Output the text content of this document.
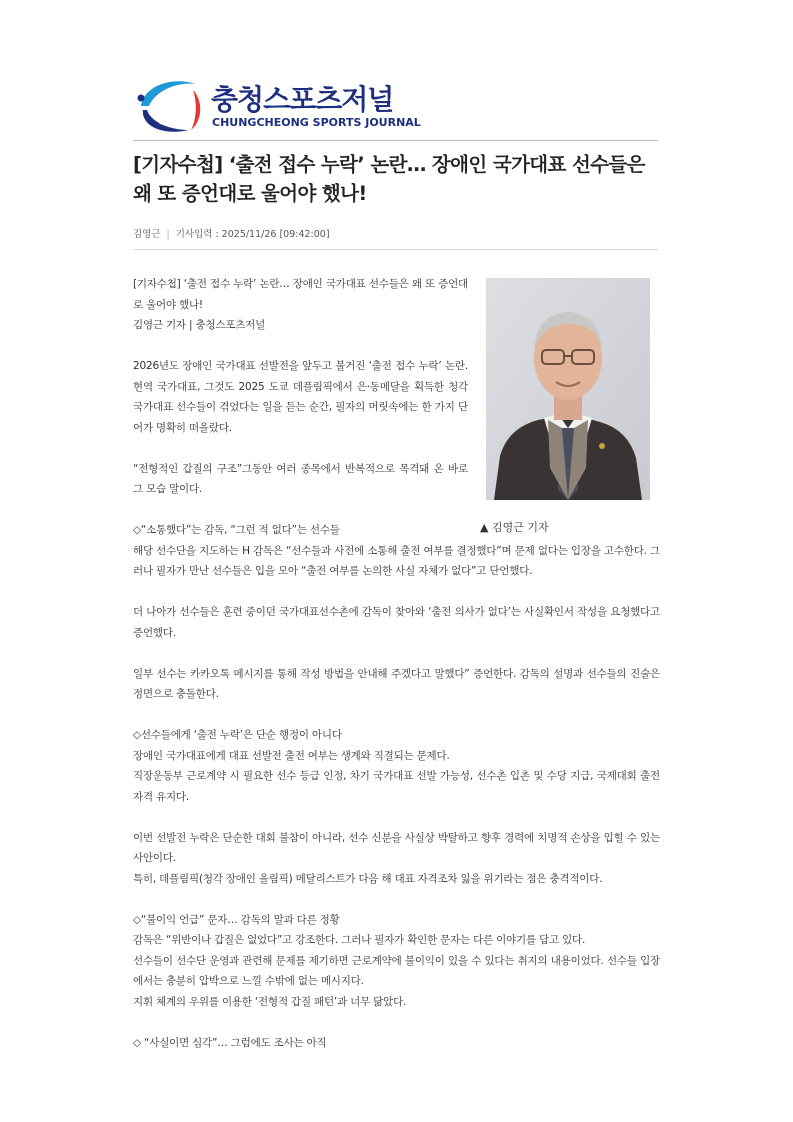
충청스포츠저널
CHUNGCHEONG SPORTS JOURNAL
[기자수첩] ‘출전 접수 누락’ 논란… 장애인 국가대표 선수들은 왜 또 증언대로 울어야 했나!
김영근 | 기사입력 : 2025/11/26 [09:42:00]
▲ 김영근 기자

[기자수첩] ‘출전 접수 누락’ 논란… 장애인 국가대표 선수들은 왜 또 증언대로 울어야 했나!

김영근 기자 | 충청스포츠저널

2026년도 장애인 국가대표 선발전을 앞두고 불거진 ‘출전 접수 누락’ 논란. 현역 국가대표, 그것도 2025 도쿄 데플림픽에서 은·동메달을 획득한 청각 국가대표 선수들이 겪었다는 일을 듣는 순간, 필자의 머릿속에는 한 가지 단어가 명확히 떠올랐다.

“전형적인 갑질의 구조”그동안 여러 종목에서 반복적으로 목격돼 온 바로 그 모습 말이다.

◇“소통했다”는 감독, “그런 적 없다”는 선수들

해당 선수단을 지도하는 H 감독은 “선수들과 사전에 소통해 출전 여부를 결정했다”며 문제 없다는 입장을 고수한다. 그러나 필자가 만난 선수들은 입을 모아 “출전 여부를 논의한 사실 자체가 없다”고 단언했다.

더 나아가 선수들은 훈련 중이던 국가대표선수촌에 감독이 찾아와 ‘출전 의사가 없다’는 사실확인서 작성을 요청했다고 증언했다.

일부 선수는 카카오톡 메시지를 통해 작성 방법을 안내해 주겠다고 말했다” 증언한다. 감독의 설명과 선수들의 진술은 정면으로 충돌한다.

◇선수들에게 ‘출전 누락’은 단순 행정이 아니다

장애인 국가대표에게 대표 선발전 출전 여부는 생계와 직결되는 문제다.

직장운동부 근로계약 시 필요한 선수 등급 인정, 차기 국가대표 선발 가능성, 선수촌 입촌 및 수당 지급, 국제대회 출전 자격 유지다.

이번 선발전 누락은 단순한 대회 불참이 아니라, 선수 신분을 사실상 박탈하고 향후 경력에 치명적 손상을 입힐 수 있는 사안이다.

특히, 데플림픽(청각 장애인 올림픽) 메달리스트가 다음 해 대표 자격조차 잃을 위기라는 점은 충격적이다.

◇“불이익 언급” 문자… 감독의 말과 다른 정황

감독은 “위반이나 갑질은 없었다”고 강조한다. 그러나 필자가 확인한 문자는 다른 이야기를 담고 있다.

선수들이 선수단 운영과 관련해 문제를 제기하면 근로계약에 불이익이 있을 수 있다는 취지의 내용이었다. 선수들 입장에서는 충분히 압박으로 느낄 수밖에 없는 메시지다.

지휘 체계의 우위를 이용한 ‘전형적 갑질 패턴’과 너무 닮았다.

◇ “사실이면 심각”… 그럼에도 조사는 아직
